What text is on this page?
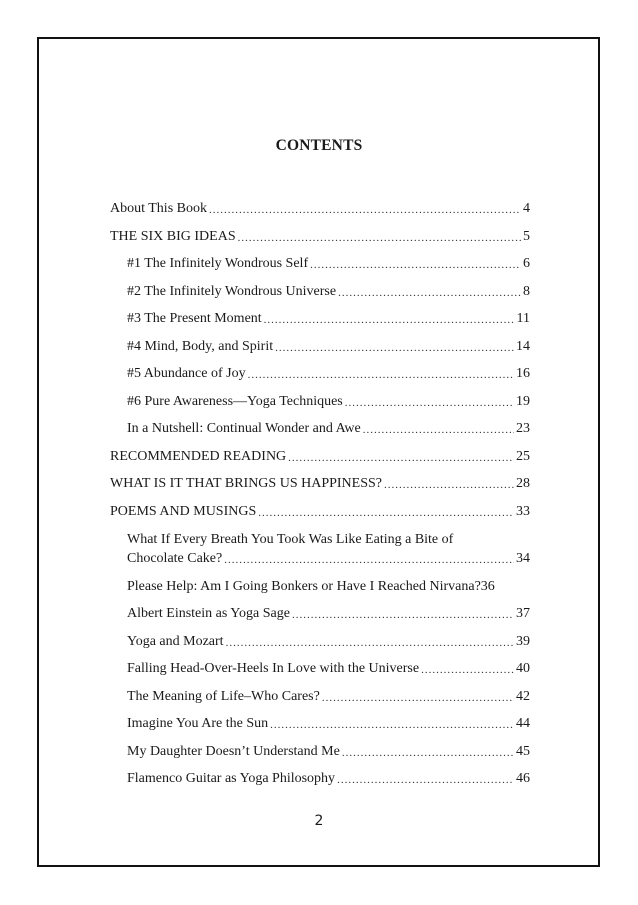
CONTENTS
About This Book .....	4
THE SIX BIG IDEAS .....	5
#1 The Infinitely Wondrous Self .....	6
#2 The Infinitely Wondrous Universe .....	8
#3 The Present Moment .....	11
#4 Mind, Body, and Spirit .....	14
#5 Abundance of Joy .....	16
#6 Pure Awareness―Yoga Techniques .....	19
In a Nutshell: Continual Wonder and Awe .....	23
RECOMMENDED READING .....	25
WHAT IS IT THAT BRINGS US HAPPINESS? .....	28
POEMS AND MUSINGS .....	33
What If Every Breath You Took Was Like Eating a Bite of
Chocolate Cake? .....	34
Please Help: Am I Going Bonkers or Have I Reached Nirvana? 36
Albert Einstein as Yoga Sage .....	37
Yoga and Mozart .....	39
Falling Head-Over-Heels In Love with the Universe .....	40
The Meaning of Life–Who Cares? .....	42
Imagine You Are the Sun .....	44
My Daughter Doesn’t Understand Me .....	45
Flamenco Guitar as Yoga Philosophy .....	46
2
